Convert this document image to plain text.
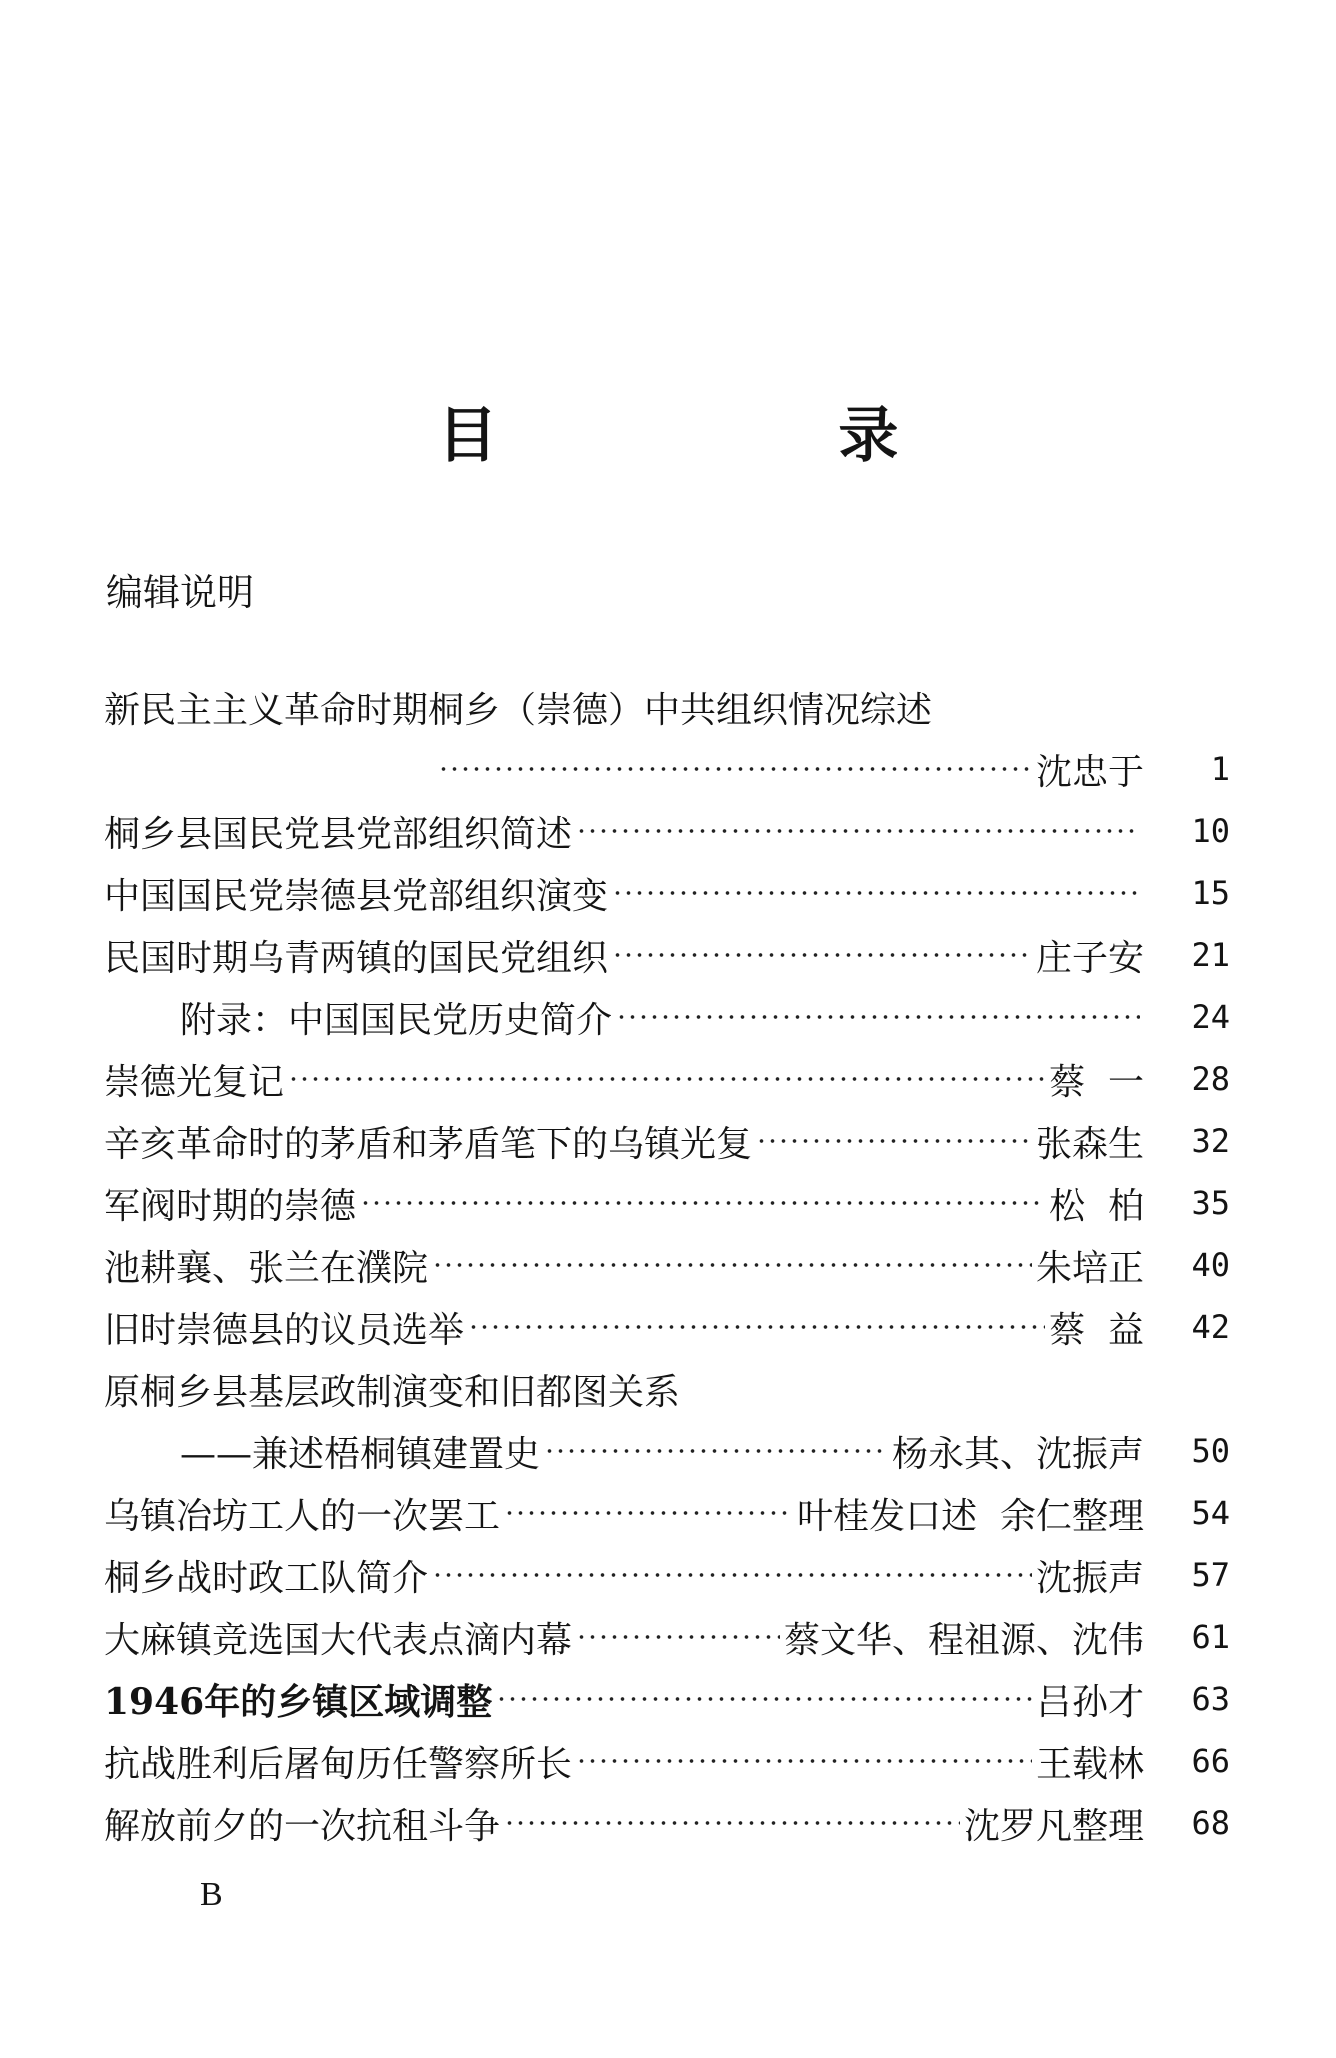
目 录
编辑说明
新民主主义革命时期桐乡（崇德）中共组织情况综述
沈忠于	1
桐乡县国民党县党部组织简述	10
中国国民党崇德县党部组织演变	15
民国时期乌青两镇的国民党组织	庄子安	21
附录：中国国民党历史简介	24
崇德光复记	蔡  一	28
辛亥革命时的茅盾和茅盾笔下的乌镇光复	张森生	32
军阀时期的崇德	松  柏	35
池耕襄、张兰在濮院	朱培正	40
旧时崇德县的议员选举	蔡  益	42
原桐乡县基层政制演变和旧都图关系
——兼述梧桐镇建置史	杨永其、沈振声	50
乌镇冶坊工人的一次罢工	叶桂发口述  余仁整理	54
桐乡战时政工队简介	沈振声	57
大麻镇竞选国大代表点滴内幕	蔡文华、程祖源、沈伟	61
1946年的乡镇区域调整	吕孙才	63
抗战胜利后屠甸历任警察所长	王载林	66
解放前夕的一次抗租斗争	沈罗凡整理	68
B
